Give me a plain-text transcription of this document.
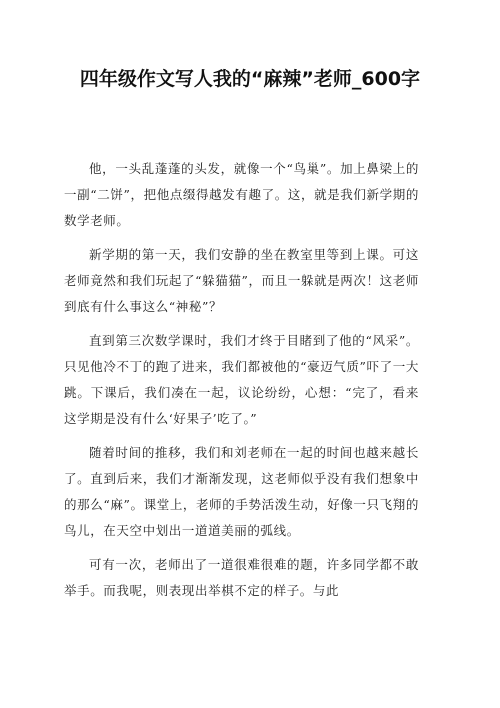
四年级作文写人我的“麻辣”老师_600字

他，一头乱蓬蓬的头发，就像一个“鸟巢”。加上鼻梁上的一副“二饼”，把他点缀得越发有趣了。这，就是我们新学期的数学老师。

新学期的第一天，我们安静的坐在教室里等到上课。可这老师竟然和我们玩起了“躲猫猫”，而且一躲就是两次！这老师到底有什么事这么“神秘”？

直到第三次数学课时，我们才终于目睹到了他的“风采”。只见他冷不丁的跑了进来，我们都被他的“豪迈气质”吓了一大跳。下课后，我们凑在一起，议论纷纷，心想：“完了，看来这学期是没有什么‘好果子’吃了。”

随着时间的推移，我们和刘老师在一起的时间也越来越长了。直到后来，我们才渐渐发现，这老师似乎没有我们想象中的那么“麻”。课堂上，老师的手势活泼生动，好像一只飞翔的鸟儿，在天空中划出一道道美丽的弧线。

可有一次，老师出了一道很难很难的题，许多同学都不敢举手。而我呢，则表现出举棋不定的样子。与此
